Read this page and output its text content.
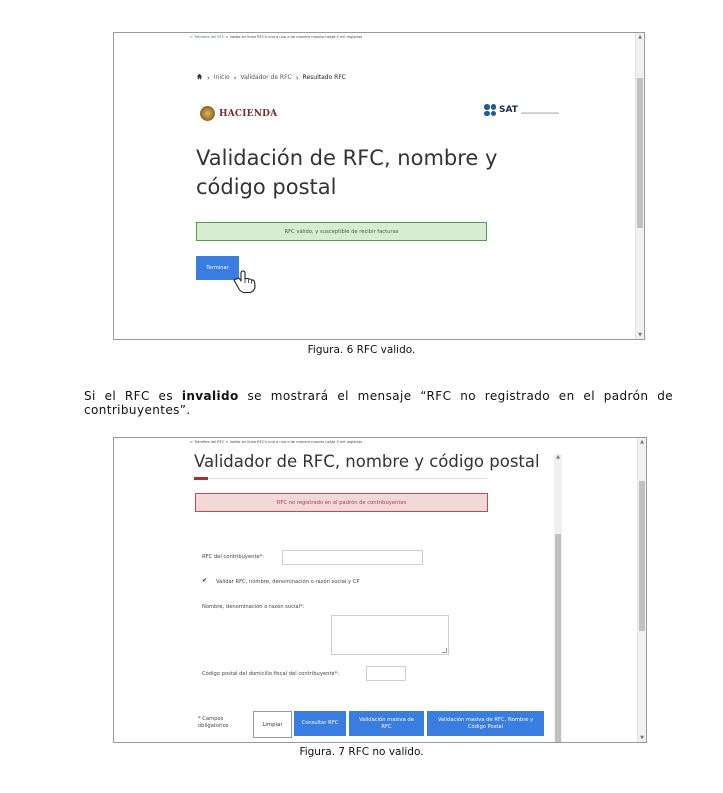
> Trámites del RFC > Valida en línea RFC's uno a uno o de manera masiva hasta 5 mil registros
› Inicio › Validador de RFC › Resultado RFC
HACIENDA	SAT
Validación de RFC, nombre y código postal
RFC válido, y susceptible de recibir facturas
Terminar
▲
▼
Figura. 6 RFC valido.
Si el RFC es invalido se mostrará el mensaje “RFC no registrado en el padrón de contribuyentes”.
> Trámites del RFC > Valida en línea RFC's uno a uno o de manera masiva hasta 5 mil registros
Validador de RFC, nombre y código postal
RFC no registrado en el padrón de contribuyentes
RFC del contribuyente*:
✔ Validar RFC, nombre, denominación o razón social y CP
Nombre, denominación o razón social*:
Código postal del domicilio fiscal del contribuyente*:
* Campos obligatorios	Limpiar	Consultar RFC
Validación masiva de RFC
Validación masiva de RFC, Nombre y Código Postal
▲
▲
▼
Figura. 7 RFC no valido.
